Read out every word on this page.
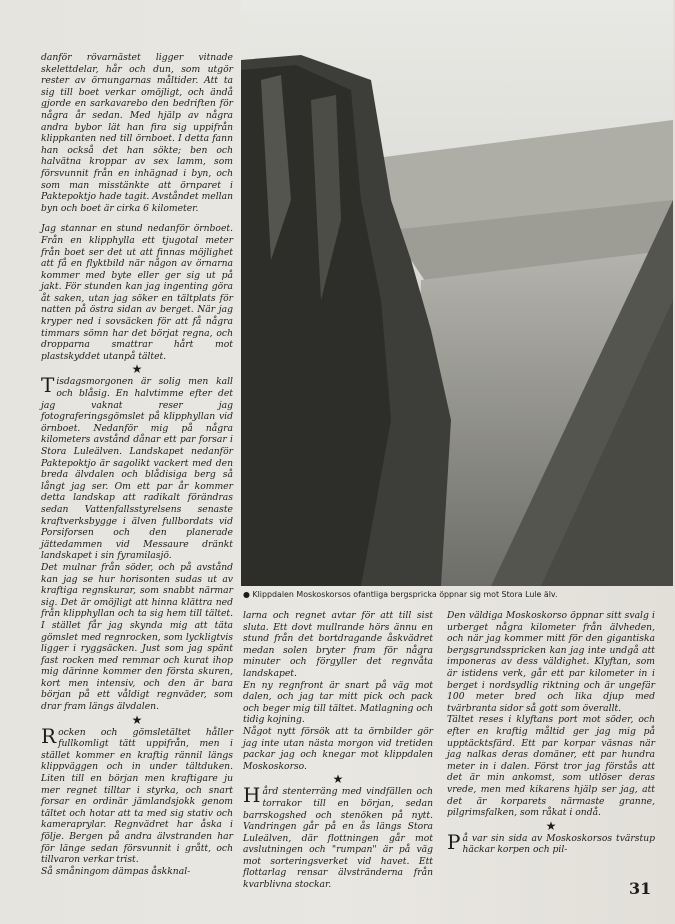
danför rövarnästet ligger vitnade skelettdelar, hår och dun, som utgör rester av örnungarnas måltider. Att ta sig till boet verkar omöjligt, och ändå gjorde en sarkavarebo den bedriften för några år sedan. Med hjälp av några andra bybor lät han fira sig uppifrån klippkanten ned till örnboet. I detta fann han också det han sökte; ben och halvätna kroppar av sex lamm, som försvunnit från en inhägnad i byn, och som man misstänkte att örnparet i Paktepoktjo hade tagit. Avståndet mellan byn och boet är cirka 6 kilometer.

Jag stannar en stund nedanför örnboet. Från en klipphylla ett tjugotal meter från boet ser det ut att finnas möjlighet att få en flyktbild när någon av örnarna kommer med byte eller ger sig ut på jakt. För stunden kan jag ingenting göra åt saken, utan jag söker en tältplats för natten på östra sidan av berget. När jag kryper ned i sovsäcken för att få några timmars sömn har det börjat regna, och dropparna smattrar hårt mot plastskyddet utanpå tältet.

★

Tisdagsmorgonen är solig men kall och blåsig. En halvtimme efter det jag vaknat reser jag fotograferingsgömslet på klipphyllan vid örnboet. Nedanför mig på några kilometers avstånd dånar ett par forsar i Stora Luleälven. Landskapet nedanför Paktepoktjo är sagolikt vackert med den breda älvdalen och blådisiga berg så långt jag ser. Om ett par år kommer detta landskap att radikalt förändras sedan Vattenfallsstyrelsens senaste kraftverksbygge i älven fullbordats vid Porsiforsen och den planerade jättedammen vid Messaure dränkt landskapet i sin fyramilasjö.

Det mulnar från söder, och på avstånd kan jag se hur horisonten sudas ut av kraftiga regnskurar, som snabbt närmar sig. Det är omöjligt att hinna klättra ned från klipphyllan och ta sig hem till tältet. I stället får jag skynda mig att täta gömslet med regnrocken, som lyckligtvis ligger i ryggsäcken. Just som jag spänt fast rocken med remmar och kurat ihop mig därinne kommer den första skuren, kort men intensiv, och den är bara början på ett våldigt regnväder, som drar fram längs älvdalen.

★

Rocken och gömsletältet håller fullkomligt tätt uppifrån, men i stället kommer en kraftig rännil längs klippväggen och in under tältduken. Liten till en början men kraftigare ju mer regnet tilltar i styrka, och snart forsar en ordinär jämlandsjokk genom tältet och hotar att ta med sig stativ och kameraprylar. Regnvädret har åska i följe. Bergen på andra älvstranden har för länge sedan försvunnit i grått, och tillvaron verkar trist.

Så småningom dämpas åskknal-

● Klippdalen Moskoskorsos ofantliga bergspricka öppnar sig mot Stora Lule älv.

larna och regnet avtar för att till sist sluta. Ett dovt mullrande hörs ännu en stund från det bortdragande åskvädret medan solen bryter fram för några minuter och förgyller det regnvåta landskapet.

En ny regnfront är snart på väg mot dalen, och jag tar mitt pick och pack och beger mig till tältet. Matlagning och tidig kojning.

Något nytt försök att ta örnbilder gör jag inte utan nästa morgon vid tretiden packar jag och knegar mot klippdalen Moskoskorso.

★

Hård stenterräng med vindfällen och torrakor till en början, sedan barrskogshed och stenöken på nytt. Vandringen går på en ås längs Stora Luleälven, där flottningen går mot avslutningen och "rumpan" är på väg mot sorteringsverket vid havet. Ett flottarlag rensar älvstränderna från kvarblivna stockar.

Den väldiga Moskoskorso öppnar sitt svalg i urberget några kilometer från älvheden, och när jag kommer mitt för den gigantiska bergsgrundsspricken kan jag inte undgå att imponeras av dess väldighet. Klyftan, som är istidens verk, går ett par kilometer in i berget i nordsydlig riktning och är ungefär 100 meter bred och lika djup med tvärbranta sidor så gott som överallt.

Tältet reses i klyftans port mot söder, och efter en kraftig måltid ger jag mig på upptäcktsfärd. Ett par korpar väsnas när jag nalkas deras domäner, ett par hundra meter in i dalen. Först tror jag förstås att det är min ankomst, som utlöser deras vrede, men med kikarens hjälp ser jag, att det är korparets närmaste granne, pilgrimsfalken, som råkat i ondå.

★

På var sin sida av Moskoskorsos tvärstup häckar korpen och pil-

31
